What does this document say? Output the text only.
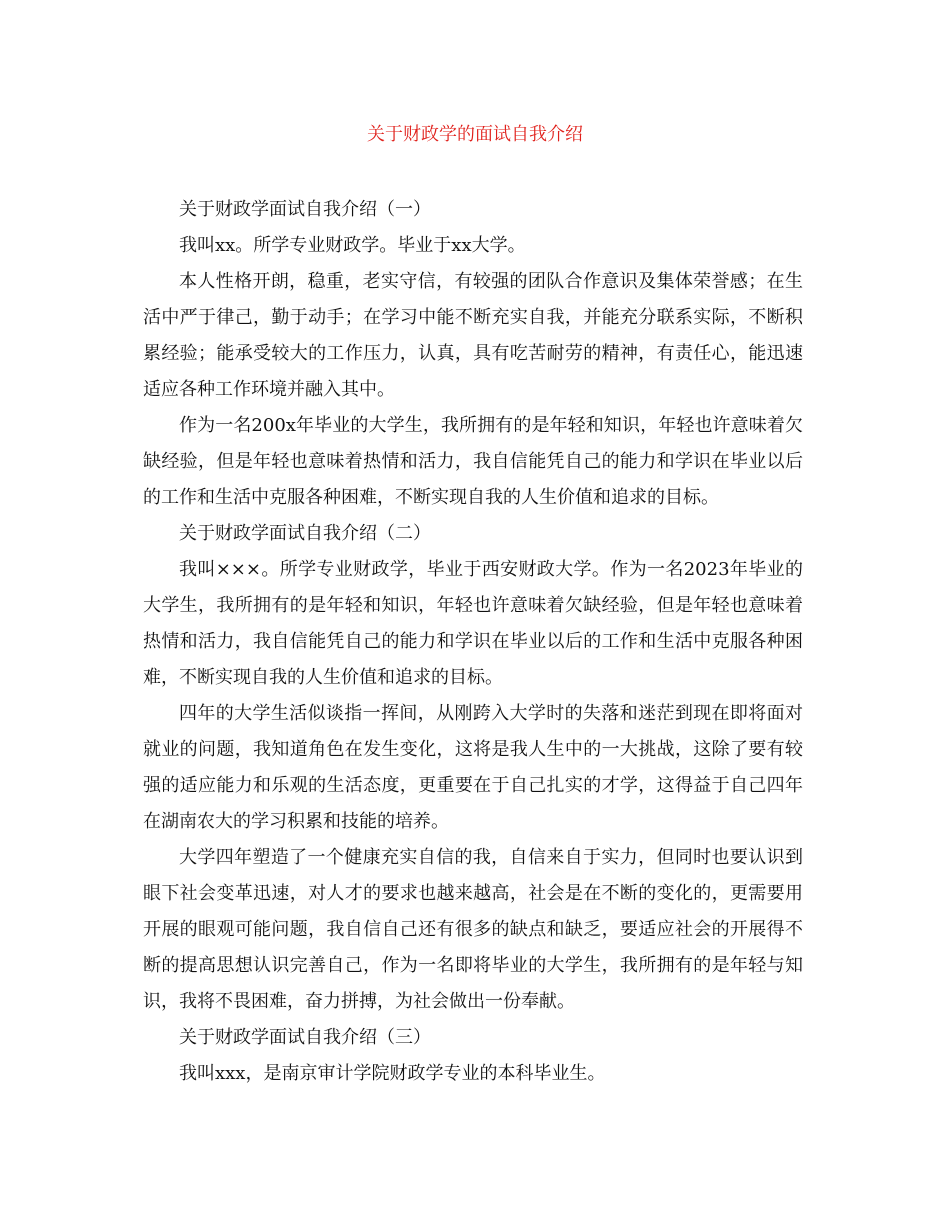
关于财政学的面试自我介绍

关于财政学面试自我介绍（一）

我叫xx。所学专业财政学。毕业于xx大学。

本人性格开朗，稳重，老实守信，有较强的团队合作意识及集体荣誉感；在生活中严于律己，勤于动手；在学习中能不断充实自我，并能充分联系实际，不断积累经验；能承受较大的工作压力，认真，具有吃苦耐劳的精神，有责任心，能迅速适应各种工作环境并融入其中。

作为一名200x年毕业的大学生，我所拥有的是年轻和知识，年轻也许意味着欠缺经验，但是年轻也意味着热情和活力，我自信能凭自己的能力和学识在毕业以后的工作和生活中克服各种困难，不断实现自我的人生价值和追求的目标。

关于财政学面试自我介绍（二）

我叫×××。所学专业财政学，毕业于西安财政大学。作为一名2023年毕业的大学生，我所拥有的是年轻和知识，年轻也许意味着欠缺经验，但是年轻也意味着热情和活力，我自信能凭自己的能力和学识在毕业以后的工作和生活中克服各种困难，不断实现自我的人生价值和追求的目标。

四年的大学生活似谈指一挥间，从刚跨入大学时的失落和迷茫到现在即将面对就业的问题，我知道角色在发生变化，这将是我人生中的一大挑战，这除了要有较强的适应能力和乐观的生活态度，更重要在于自己扎实的才学，这得益于自己四年在湖南农大的学习积累和技能的培养。

大学四年塑造了一个健康充实自信的我，自信来自于实力，但同时也要认识到眼下社会变革迅速，对人才的要求也越来越高，社会是在不断的变化的，更需要用开展的眼观可能问题，我自信自己还有很多的缺点和缺乏，要适应社会的开展得不断的提高思想认识完善自己，作为一名即将毕业的大学生，我所拥有的是年轻与知识，我将不畏困难，奋力拼搏，为社会做出一份奉献。

关于财政学面试自我介绍（三）

我叫xxx，是南京审计学院财政学专业的本科毕业生。
